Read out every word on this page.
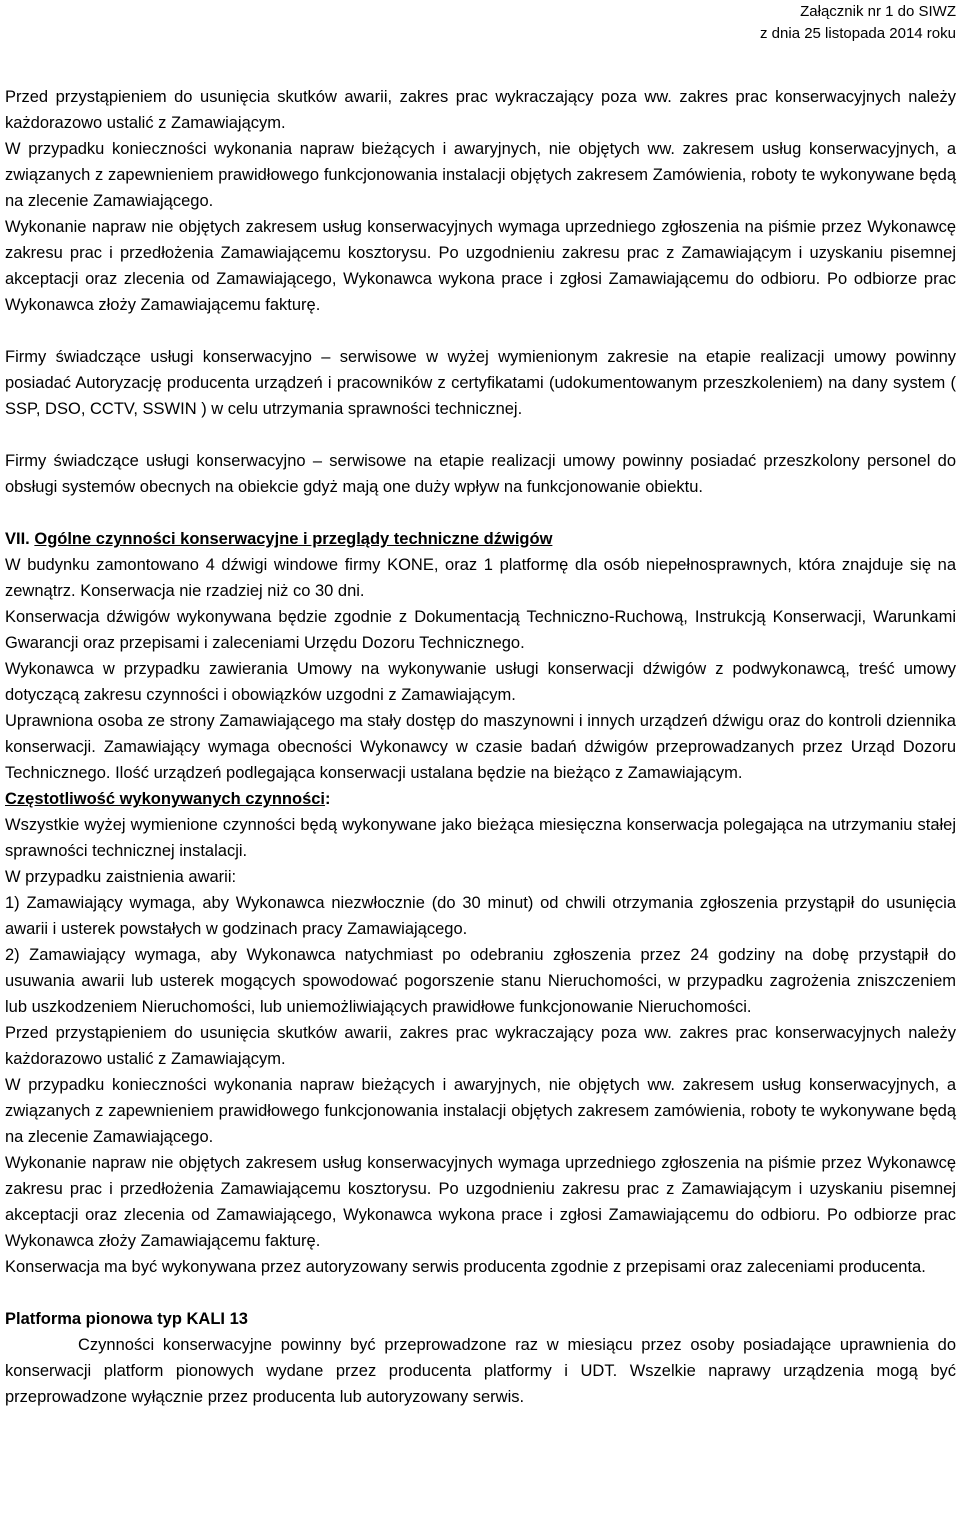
Załącznik nr 1 do SIWZ
z dnia 25 listopada 2014 roku

Przed przystąpieniem do usunięcia skutków awarii, zakres prac wykraczający poza ww. zakres prac konserwacyjnych należy każdorazowo ustalić z Zamawiającym.

W przypadku konieczności wykonania napraw bieżących i awaryjnych, nie objętych ww. zakresem usług konserwacyjnych, a związanych z zapewnieniem prawidłowego funkcjonowania instalacji objętych zakresem Zamówienia, roboty te wykonywane będą na zlecenie Zamawiającego.

Wykonanie napraw nie objętych zakresem usług konserwacyjnych wymaga uprzedniego zgłoszenia na piśmie przez Wykonawcę zakresu prac i przedłożenia Zamawiającemu kosztorysu. Po uzgodnieniu zakresu prac z Zamawiającym i uzyskaniu pisemnej akceptacji oraz zlecenia od Zamawiającego, Wykonawca wykona prace i zgłosi Zamawiającemu do odbioru. Po odbiorze prac Wykonawca złoży Zamawiającemu fakturę.

Firmy świadczące usługi konserwacyjno – serwisowe w wyżej wymienionym zakresie na etapie realizacji umowy powinny posiadać Autoryzację producenta urządzeń i pracowników z certyfikatami (udokumentowanym przeszkoleniem) na dany system ( SSP, DSO, CCTV, SSWIN ) w celu utrzymania sprawności technicznej.

Firmy świadczące usługi konserwacyjno – serwisowe na etapie realizacji umowy powinny posiadać przeszkolony personel do obsługi systemów obecnych na obiekcie gdyż mają one duży wpływ na funkcjonowanie obiektu.

VII. Ogólne czynności konserwacyjne i przeglądy techniczne dźwigów

W budynku zamontowano 4 dźwigi windowe firmy KONE, oraz 1 platformę dla osób niepełnosprawnych, która znajduje się na zewnątrz. Konserwacja nie rzadziej niż co 30 dni.

Konserwacja dźwigów wykonywana będzie zgodnie z Dokumentacją Techniczno-Ruchową, Instrukcją Konserwacji, Warunkami Gwarancji oraz przepisami i zaleceniami Urzędu Dozoru Technicznego.

Wykonawca w przypadku zawierania Umowy na wykonywanie usługi konserwacji dźwigów z podwykonawcą, treść umowy dotyczącą zakresu czynności i obowiązków uzgodni z Zamawiającym.

Uprawniona osoba ze strony Zamawiającego ma stały dostęp do maszynowni i innych urządzeń dźwigu oraz do kontroli dziennika konserwacji. Zamawiający wymaga obecności Wykonawcy w czasie badań dźwigów przeprowadzanych przez Urząd Dozoru Technicznego. Ilość urządzeń podlegająca konserwacji ustalana będzie na bieżąco z Zamawiającym.

Częstotliwość wykonywanych czynności:

Wszystkie wyżej wymienione czynności będą wykonywane jako bieżąca miesięczna konserwacja polegająca na utrzymaniu stałej sprawności technicznej instalacji.

W przypadku zaistnienia awarii:

1) Zamawiający wymaga, aby Wykonawca niezwłocznie (do 30 minut) od chwili otrzymania zgłoszenia przystąpił do usunięcia awarii i usterek powstałych w godzinach pracy Zamawiającego.

2) Zamawiający wymaga, aby Wykonawca natychmiast po odebraniu zgłoszenia przez 24 godziny na dobę przystąpił do usuwania awarii lub usterek mogących spowodować pogorszenie stanu Nieruchomości, w przypadku zagrożenia zniszczeniem lub uszkodzeniem Nieruchomości, lub uniemożliwiających prawidłowe funkcjonowanie Nieruchomości.

Przed przystąpieniem do usunięcia skutków awarii, zakres prac wykraczający poza ww. zakres prac konserwacyjnych należy każdorazowo ustalić z Zamawiającym.

W przypadku konieczności wykonania napraw bieżących i awaryjnych, nie objętych ww. zakresem usług konserwacyjnych, a związanych z zapewnieniem prawidłowego funkcjonowania instalacji objętych zakresem zamówienia, roboty te wykonywane będą na zlecenie Zamawiającego.

Wykonanie napraw nie objętych zakresem usług konserwacyjnych wymaga uprzedniego zgłoszenia na piśmie przez Wykonawcę zakresu prac i przedłożenia Zamawiającemu kosztorysu. Po uzgodnieniu zakresu prac z Zamawiającym i uzyskaniu pisemnej akceptacji oraz zlecenia od Zamawiającego, Wykonawca wykona prace i zgłosi Zamawiającemu do odbioru. Po odbiorze prac Wykonawca złoży Zamawiającemu fakturę.

Konserwacja ma być wykonywana przez autoryzowany serwis producenta zgodnie z przepisami oraz zaleceniami producenta.

Platforma pionowa typ KALI 13

Czynności konserwacyjne powinny być przeprowadzone raz w miesiącu przez osoby posiadające uprawnienia do konserwacji platform pionowych wydane przez producenta platformy i UDT. Wszelkie naprawy urządzenia mogą być przeprowadzone wyłącznie przez producenta lub autoryzowany serwis.
